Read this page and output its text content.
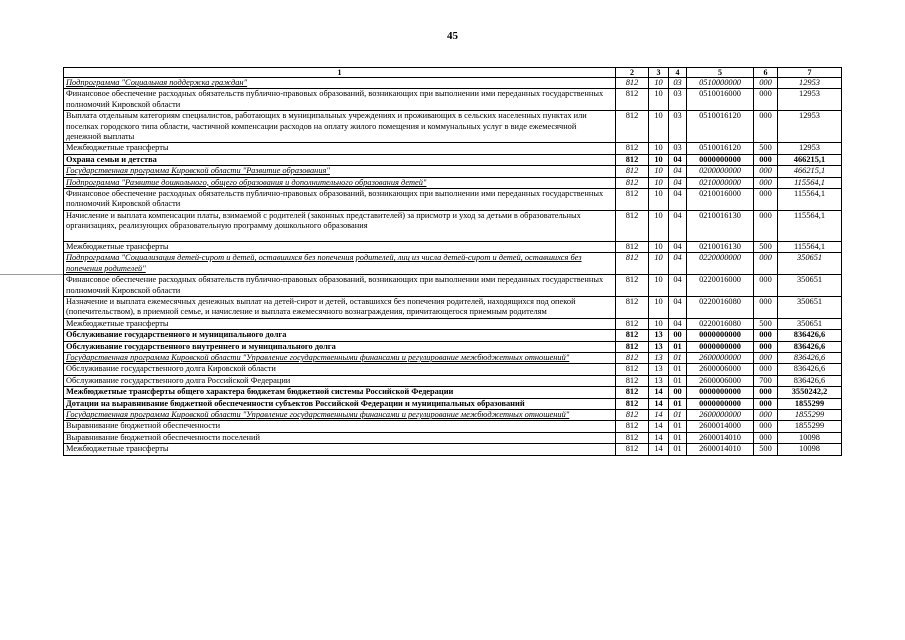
45
1	2	3	4	5	6	7
Подпрограмма "Социальная поддержка граждан"	812	10	03	0510000000	000	12953
Финансовое обеспечение расходных обязательств публично-правовых образований, возникающих при выполнении ими переданных государственных полномочий Кировской области	812	10	03	0510016000	000	12953
Выплата отдельным категориям специалистов, работающих в муниципальных учреждениях и проживающих в сельских населенных пунктах или поселках городского типа области, частичной компенсации расходов на оплату жилого помещения и коммунальных услуг в виде ежемесячной денежной выплаты	812	10	03	0510016120	000	12953
Межбюджетные трансферты	812	10	03	0510016120	500	12953
Охрана семьи и детства	812	10	04	0000000000	000	466215,1
Государственная программа Кировской области "Развитие образования"	812	10	04	0200000000	000	466215,1
Подпрограмма "Развитие дошкольного, общего образования и дополнительного образования детей"	812	10	04	0210000000	000	115564,1
Финансовое обеспечение расходных обязательств публично-правовых образований, возникающих при выполнении ими переданных государственных полномочий Кировской области	812	10	04	0210016000	000	115564,1
Начисление и выплата компенсации платы, взимаемой с родителей (законных представителей) за присмотр и уход за детьми в образовательных организациях, реализующих образовательную программу дошкольного образования	812	10	04	0210016130	000	115564,1
Межбюджетные трансферты	812	10	04	0210016130	500	115564,1
Подпрограмма "Социализация детей-сирот и детей, оставшихся без попечения родителей, лиц из числа детей-сирот и детей, оставшихся без попечения родителей"	812	10	04	0220000000	000	350651
Финансовое обеспечение расходных обязательств публично-правовых образований, возникающих при выполнении ими переданных государственных полномочий Кировской области	812	10	04	0220016000	000	350651
Назначение и выплата ежемесячных денежных выплат на детей-сирот и детей, оставшихся без попечения родителей, находящихся под опекой (попечительством), в приемной семье, и начисление и выплата ежемесячного вознаграждения, причитающегося приемным родителям	812	10	04	0220016080	000	350651
Межбюджетные трансферты	812	10	04	0220016080	500	350651
Обслуживание государственного и муниципального долга	812	13	00	0000000000	000	836426,6
Обслуживание государственного внутреннего и муниципального долга	812	13	01	0000000000	000	836426,6
Государственная программа Кировской области "Управление государственными финансами и регулирование межбюджетных отношений"	812	13	01	2600000000	000	836426,6
Обслуживание государственного долга Кировской области	812	13	01	2600006000	000	836426,6
Обслуживание государственного долга Российской Федерации	812	13	01	2600006000	700	836426,6
Межбюджетные трансферты общего характера бюджетам бюджетной системы Российской Федерации	812	14	00	0000000000	000	3550242,2
Дотации на выравнивание бюджетной обеспеченности субъектов Российской Федерации и муниципальных образований	812	14	01	0000000000	000	1855299
Государственная программа Кировской области "Управление государственными финансами и регулирование межбюджетных отношений"	812	14	01	2600000000	000	1855299
Выравнивание бюджетной обеспеченности	812	14	01	2600014000	000	1855299
Выравнивание бюджетной обеспеченности поселений	812	14	01	2600014010	000	10098
Межбюджетные трансферты	812	14	01	2600014010	500	10098
